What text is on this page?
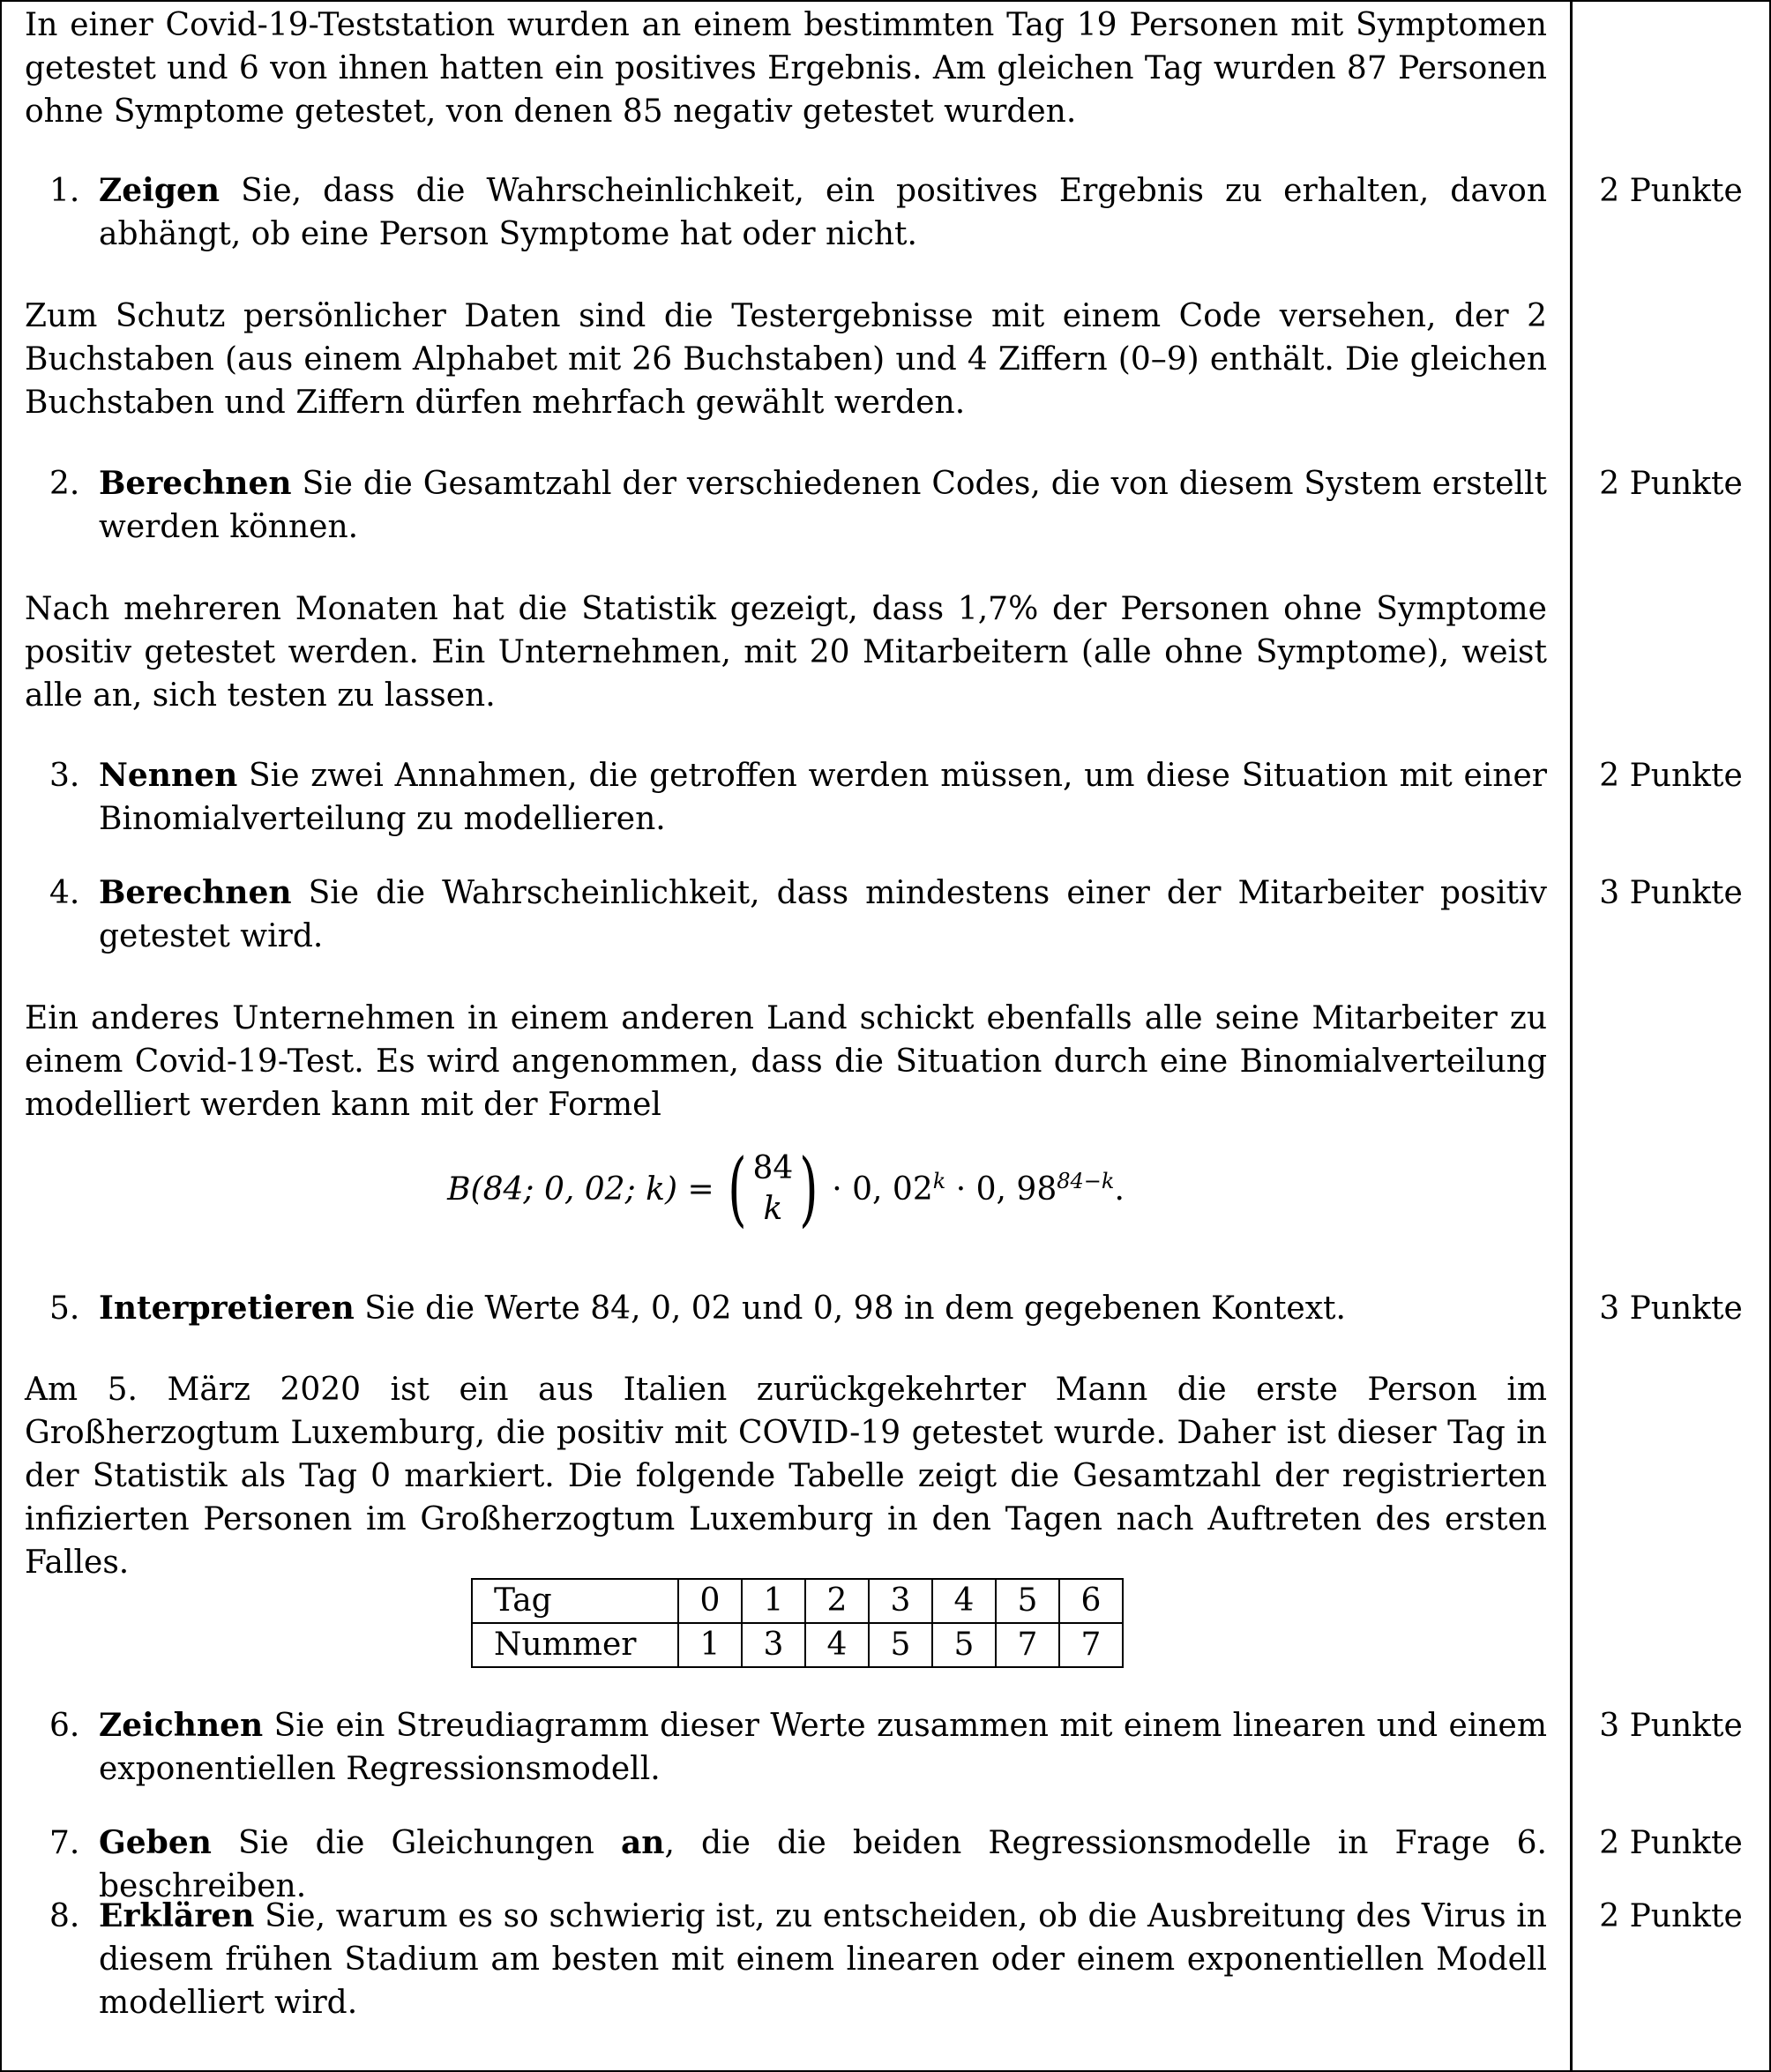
In einer Covid-19-Teststation wurden an einem bestimmten Tag 19 Personen mit Symptomen getestet und 6 von ihnen hatten ein positives Ergebnis. Am gleichen Tag wurden 87 Personen ohne Symptome getestet, von denen 85 negativ getestet wurden.

1. Zeigen Sie, dass die Wahrscheinlichkeit, ein positives Ergebnis zu erhalten, davon abhängt, ob eine Person Symptome hat oder nicht.
2 Punkte

Zum Schutz persönlicher Daten sind die Testergebnisse mit einem Code versehen, der 2 Buchstaben (aus einem Alphabet mit 26 Buchstaben) und 4 Ziffern (0–9) enthält. Die gleichen Buchstaben und Ziffern dürfen mehrfach gewählt werden.

2. Berechnen Sie die Gesamtzahl der verschiedenen Codes, die von diesem System erstellt werden können.
2 Punkte

Nach mehreren Monaten hat die Statistik gezeigt, dass 1,7% der Personen ohne Symptome positiv getestet werden. Ein Unternehmen, mit 20 Mitarbeitern (alle ohne Symptome), weist alle an, sich testen zu lassen.

3. Nennen Sie zwei Annahmen, die getroffen werden müssen, um diese Situation mit einer Binomialverteilung zu modellieren.
2 Punkte
4. Berechnen Sie die Wahrscheinlichkeit, dass mindestens einer der Mitarbeiter positiv getestet wird.
3 Punkte

Ein anderes Unternehmen in einem anderen Land schickt ebenfalls alle seine Mitarbeiter zu einem Covid-19-Test. Es wird angenommen, dass die Situation durch eine Binomialverteilung modelliert werden kann mit der Formel

B(84; 0, 02; k) = ( 84
k ) · 0, $02^k \cdot 0$, $98^{84-k}$.
5. Interpretieren Sie die Werte 84, 0, 02 und 0, 98 in dem gegebenen Kontext.	3 Punkte

Am 5. März 2020 ist ein aus Italien zurückgekehrter Mann die erste Person im Großherzogtum Luxemburg, die positiv mit COVID-19 getestet wurde. Daher ist dieser Tag in der Statistik als Tag 0 markiert. Die folgende Tabelle zeigt die Gesamtzahl der registrierten infizierten Personen im Großherzogtum Luxemburg in den Tagen nach Auftreten des ersten Falles.

Tag	0	1	2	3	4	5	6
Nummer	1	3	4	5	5	7	7
6. Zeichnen Sie ein Streudiagramm dieser Werte zusammen mit einem linearen und einem exponentiellen Regressionsmodell.
3 Punkte
7. Geben Sie die Gleichungen an, die die beiden Regressionsmodelle in Frage 6. beschreiben.
2 Punkte
8. Erklären Sie, warum es so schwierig ist, zu entscheiden, ob die Ausbreitung des Virus in diesem frühen Stadium am besten mit einem linearen oder einem exponentiellen Modell modelliert wird.
2 Punkte
